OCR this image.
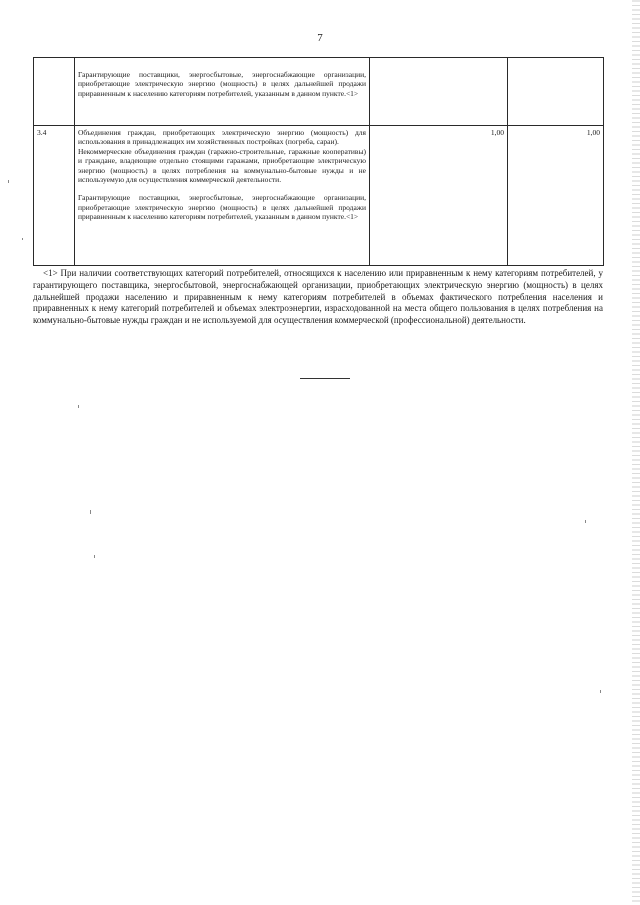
7

	Гарантирующие поставщики, энергосбытовые, энергоснабжающие организации, приобретающие электрическую энергию (мощность) в целях дальнейшей продажи приравненным к населению категориям потребителей, указанным в данном пункте.<1>		

3.4	Объединения граждан, приобретающих электрическую энергию (мощность) для использования в принадлежащих им хозяйственных постройках (погреба, сараи).

Некоммерческие объединения граждан (гаражно-строительные, гаражные кооперативы) и граждане, владеющие отдельно стоящими гаражами, приобретающие электрическую энергию (мощность) в целях потребления на коммунально-бытовые нужды и не используемую для осуществления коммерческой деятельности.

Гарантирующие поставщики, энергосбытовые, энергоснабжающие организации, приобретающие электрическую энергию (мощность) в целях дальнейшей продажи приравненным к населению категориям потребителей, указанным в данном пункте.<1>	1,00	1,00

<1> При наличии соответствующих категорий потребителей, относящихся к населению или приравненным к нему категориям потребителей, у гарантирующего поставщика, энергосбытовой, энергоснабжающей организации, приобретающих электрическую энергию (мощность) в целях дальнейшей продажи населению и приравненным к нему категориям потребителей в объемах фактического потребления населения и приравненных к нему категорий потребителей и объемах электроэнергии, израсходованной на места общего пользования в целях потребления на коммунально-бытовые нужды граждан и не используемой для осуществления коммерческой (профессиональной) деятельности.
